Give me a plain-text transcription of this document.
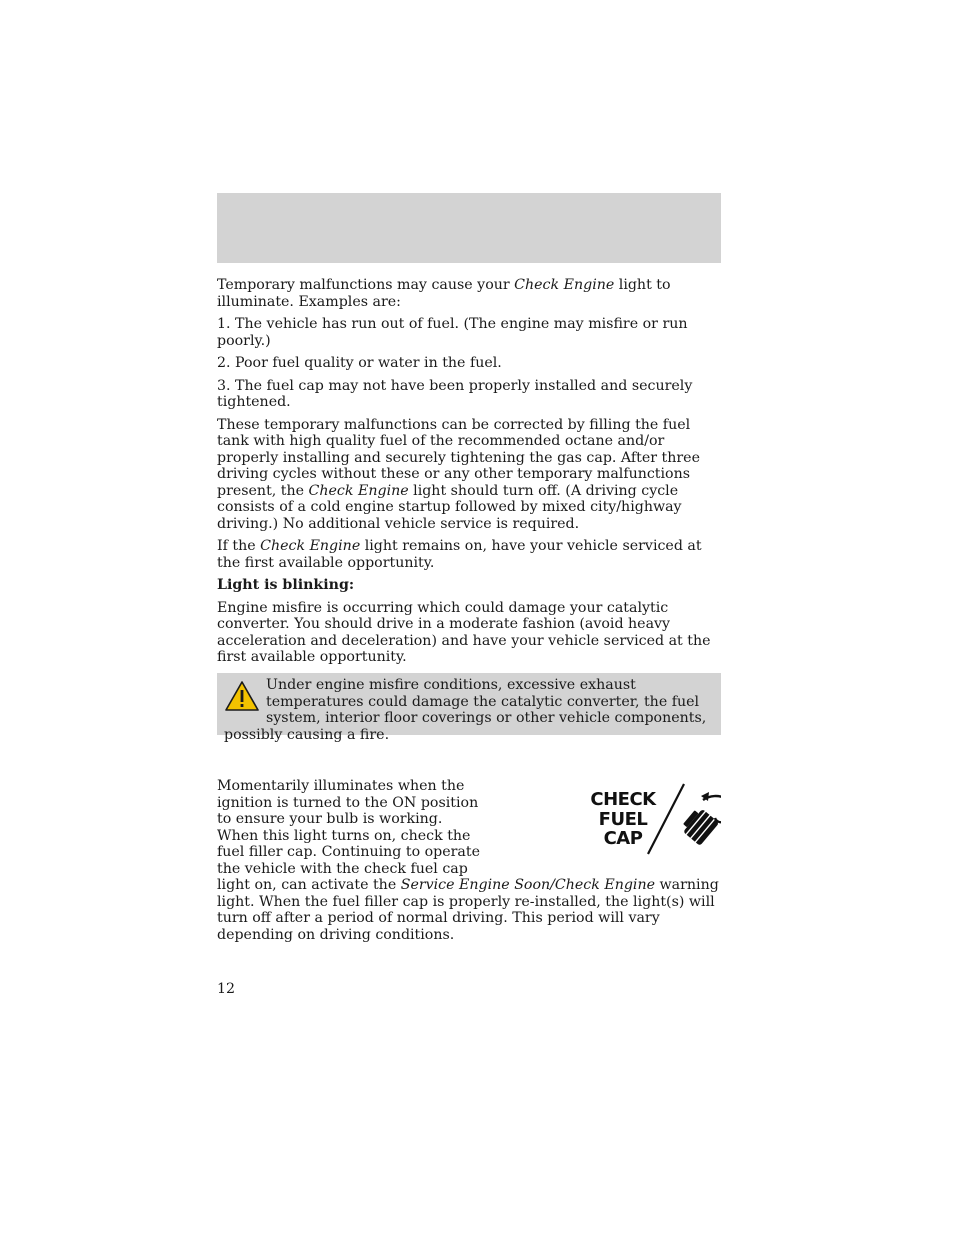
Temporary malfunctions may cause your Check Engine light to illuminate. Examples are:

1. The vehicle has run out of fuel. (The engine may misfire or run poorly.)

2. Poor fuel quality or water in the fuel.

3. The fuel cap may not have been properly installed and securely tightened.

These temporary malfunctions can be corrected by filling the fuel tank with high quality fuel of the recommended octane and/or properly installing and securely tightening the gas cap. After three driving cycles without these or any other temporary malfunctions present, the Check Engine light should turn off. (A driving cycle consists of a cold engine startup followed by mixed city/highway driving.) No additional vehicle service is required.

If the Check Engine light remains on, have your vehicle serviced at the first available opportunity.

Light is blinking:

Engine misfire is occurring which could damage your catalytic converter. You should drive in a moderate fashion (avoid heavy acceleration and deceleration) and have your vehicle serviced at the first available opportunity.

Under engine misfire conditions, excessive exhaust temperatures could damage the catalytic converter, the fuel system, interior floor coverings or other vehicle components, possibly causing a fire.
CHECK
FUEL
CAP
Momentarily illuminates when the ignition is turned to the ON position to ensure your bulb is working. When this light turns on, check the fuel filler cap. Continuing to operate the vehicle with the check fuel cap light on, can activate the Service Engine Soon/Check Engine warning light. When the fuel filler cap is properly re-installed, the light(s) will turn off after a period of normal driving. This period will vary depending on driving conditions.
12
